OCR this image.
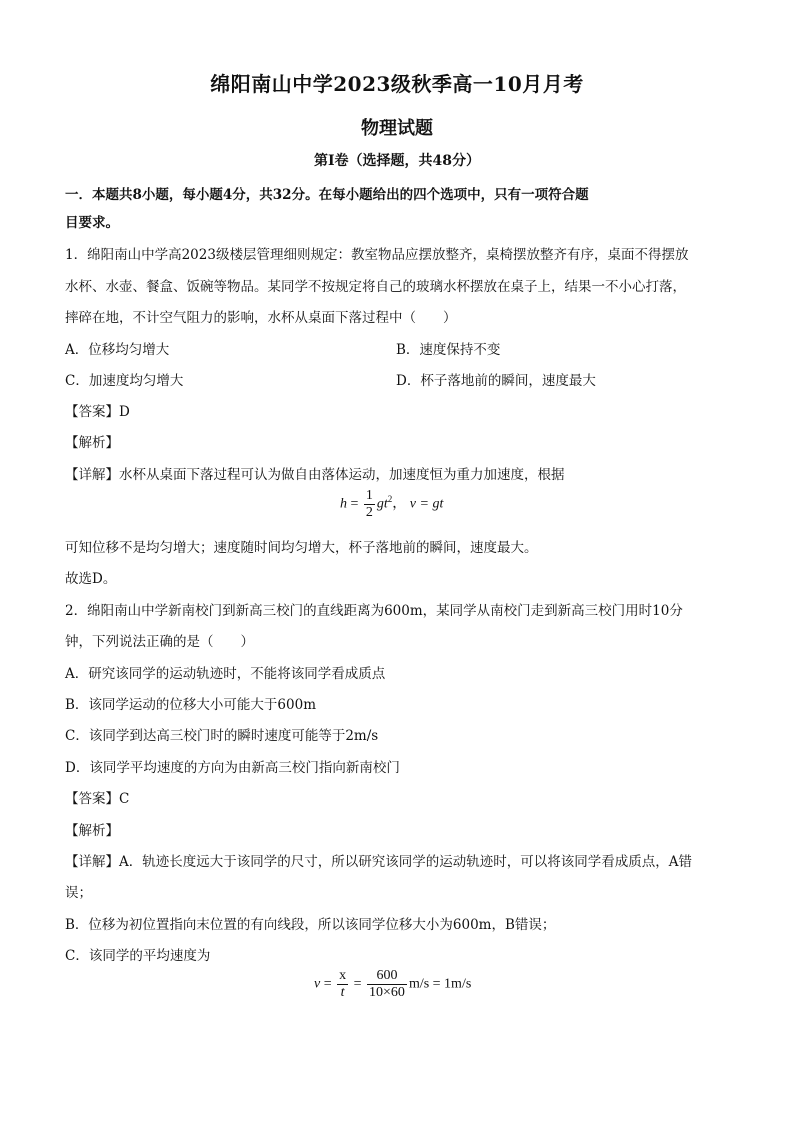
绵阳南山中学2023级秋季高一10月月考
物理试题
第Ⅰ卷（选择题，共48分）
一．本题共8小题，每小题4分，共32分。在每小题给出的四个选项中，只有一项符合题
目要求。
1．绵阳南山中学高2023级楼层管理细则规定：教室物品应摆放整齐，桌椅摆放整齐有序，桌面不得摆放
水杯、水壶、餐盒、饭碗等物品。某同学不按规定将自己的玻璃水杯摆放在桌子上，结果一不小心打落，
摔碎在地，不计空气阻力的影响，水杯从桌面下落过程中（　　）
A．位移均匀增大	B．速度保持不变
C．加速度均匀增大	D．杯子落地前的瞬间，速度最大
【答案】D
【解析】
【详解】水杯从桌面下落过程可认为做自由落体运动，加速度恒为重力加速度，根据
$h = \frac{1}{2} gt^2$， v = gt
可知位移不是均匀增大；速度随时间均匀增大，杯子落地前的瞬间，速度最大。
故选D。
2．绵阳南山中学新南校门到新高三校门的直线距离为600m，某同学从南校门走到新高三校门用时10分
钟，下列说法正确的是（　　）
A．研究该同学的运动轨迹时，不能将该同学看成质点
B．该同学运动的位移大小可能大于600m
C．该同学到达高三校门时的瞬时速度可能等于2m/s
D．该同学平均速度的方向为由新高三校门指向新南校门
【答案】C
【解析】
【详解】A．轨迹长度远大于该同学的尺寸，所以研究该同学的运动轨迹时，可以将该同学看成质点，A错
误；
B．位移为初位置指向末位置的有向线段，所以该同学位移大小为600m，B错误；
C．该同学的平均速度为
$v = \frac{x}{t} = \frac{600}{10\times 60} m/s = 1m/s$
